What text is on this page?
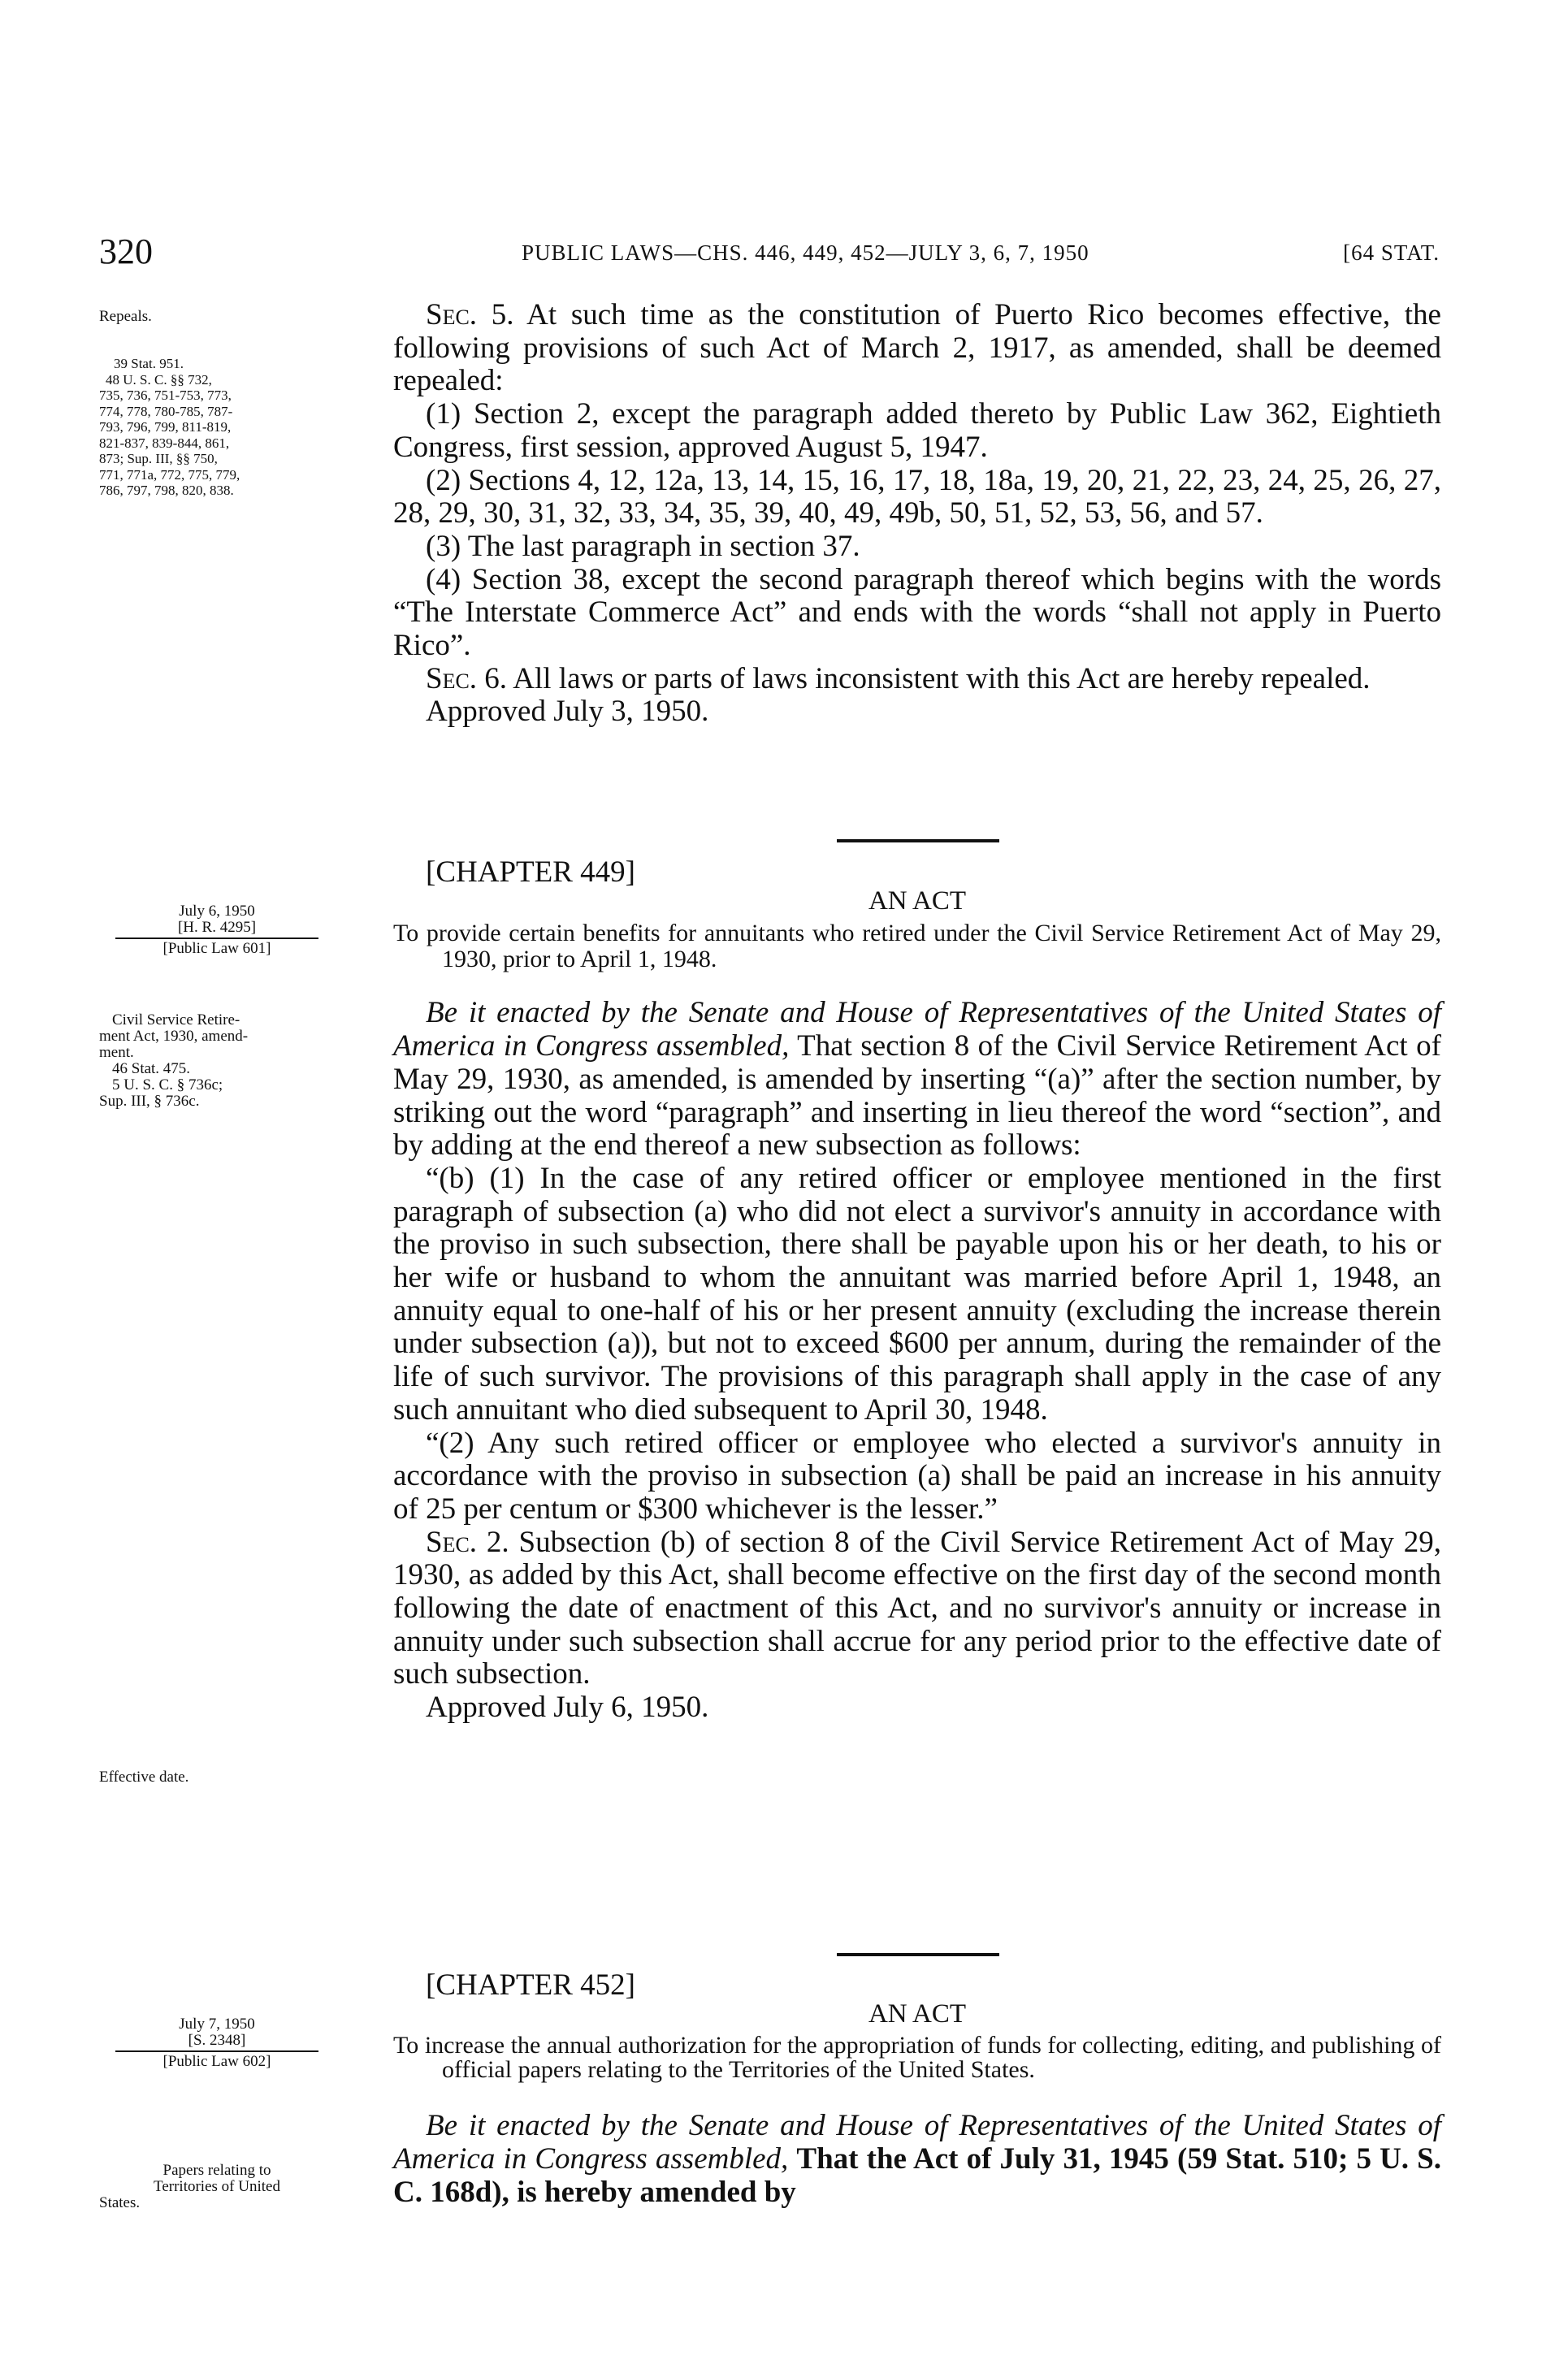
320	PUBLIC LAWS—CHS. 446, 449, 452—JULY 3, 6, 7, 1950	[64 STAT.
Repeals.
39 Stat. 951.
48 U. S. C. §§ 732,
735, 736, 751-753, 773,
774, 778, 780-785, 787-
793, 796, 799, 811-819,
821-837, 839-844, 861,
873; Sup. III, §§ 750,
771, 771a, 772, 775, 779,
786, 797, 798, 820, 838.
July 6, 1950
[H. R. 4295]
[Public Law 601]
Civil Service Retire-
ment Act, 1930, amend-
ment.
46 Stat. 475.
5 U. S. C. § 736c;
Sup. III, § 736c.
Effective date.
July 7, 1950
[S. 2348]
[Public Law 602]
Papers relating to
Territories of United
States.

Sec. 5. At such time as the constitution of Puerto Rico becomes effective, the following provisions of such Act of March 2, 1917, as amended, shall be deemed repealed:

(1) Section 2, except the paragraph added thereto by Public Law 362, Eightieth Congress, first session, approved August 5, 1947.

(2) Sections 4, 12, 12a, 13, 14, 15, 16, 17, 18, 18a, 19, 20, 21, 22, 23, 24, 25, 26, 27, 28, 29, 30, 31, 32, 33, 34, 35, 39, 40, 49, 49b, 50, 51, 52, 53, 56, and 57.

(3) The last paragraph in section 37.

(4) Section 38, except the second paragraph thereof which begins with the words “The Interstate Commerce Act” and ends with the words “shall not apply in Puerto Rico”.

Sec. 6. All laws or parts of laws inconsistent with this Act are hereby repealed.

Approved July 3, 1950.

[CHAPTER 449]

AN ACT

To provide certain benefits for annuitants who retired under the Civil Service Retirement Act of May 29, 1930, prior to April 1, 1948.

Be it enacted by the Senate and House of Representatives of the United States of America in Congress assembled, That section 8 of the Civil Service Retirement Act of May 29, 1930, as amended, is amended by inserting “(a)” after the section number, by striking out the word “paragraph” and inserting in lieu thereof the word “section”, and by adding at the end thereof a new subsection as follows:

“(b) (1) In the case of any retired officer or employee mentioned in the first paragraph of subsection (a) who did not elect a survivor's annuity in accordance with the proviso in such subsection, there shall be payable upon his or her death, to his or her wife or husband to whom the annuitant was married before April 1, 1948, an annuity equal to one-half of his or her present annuity (excluding the increase therein under subsection (a)), but not to exceed $600 per annum, during the remainder of the life of such survivor. The provisions of this paragraph shall apply in the case of any such annuitant who died subsequent to April 30, 1948.

“(2) Any such retired officer or employee who elected a survivor's annuity in accordance with the proviso in subsection (a) shall be paid an increase in his annuity of 25 per centum or $300 whichever is the lesser.”

Sec. 2. Subsection (b) of section 8 of the Civil Service Retirement Act of May 29, 1930, as added by this Act, shall become effective on the first day of the second month following the date of enactment of this Act, and no survivor's annuity or increase in annuity under such subsection shall accrue for any period prior to the effective date of such subsection.

Approved July 6, 1950.

[CHAPTER 452]

AN ACT

To increase the annual authorization for the appropriation of funds for collecting, editing, and publishing of official papers relating to the Territories of the United States.

Be it enacted by the Senate and House of Representatives of the United States of America in Congress assembled, That the Act of July 31, 1945 (59 Stat. 510; 5 U. S. C. 168d), is hereby amended by
